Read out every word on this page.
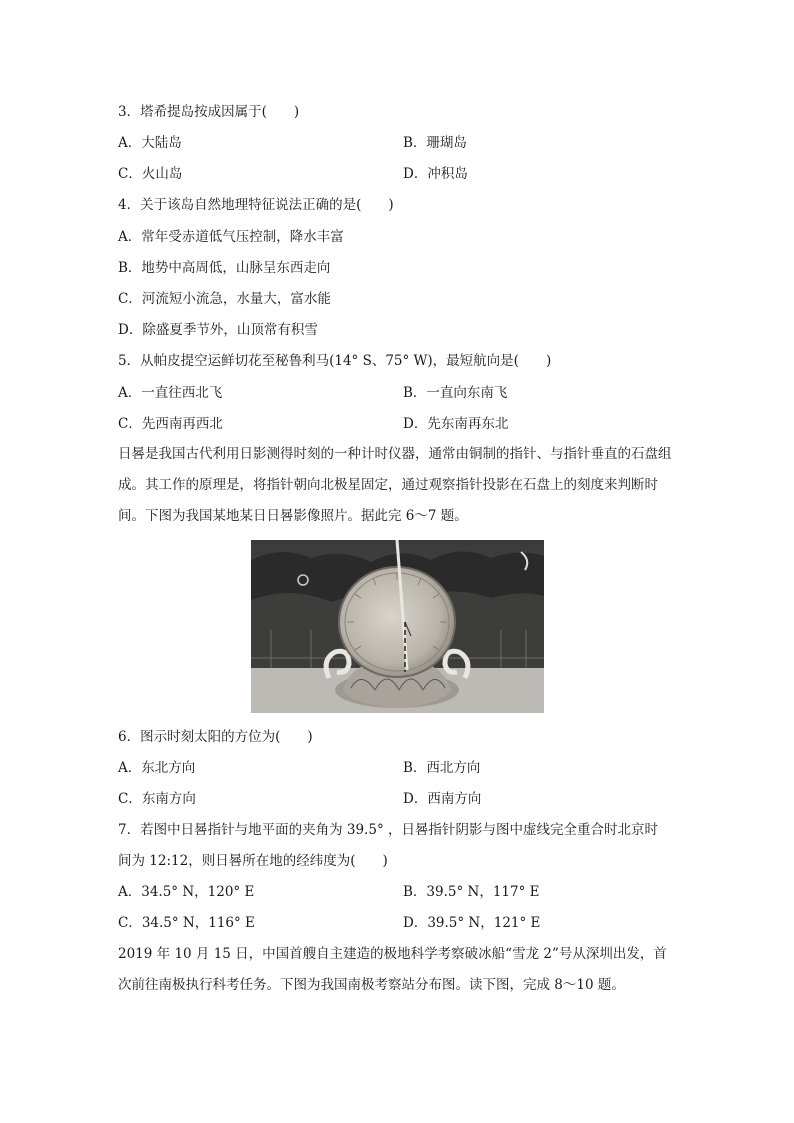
3．塔希提岛按成因属于(　　)
A．大陆岛	B．珊瑚岛
C．火山岛	D．冲积岛
4．关于该岛自然地理特征说法正确的是(　　)
A．常年受赤道低气压控制，降水丰富
B．地势中高周低，山脉呈东西走向
C．河流短小流急，水量大，富水能
D．除盛夏季节外，山顶常有积雪
5．从帕皮提空运鲜切花至秘鲁利马(14° S、75° W)，最短航向是(　　)
A．一直往西北飞	B．一直向东南飞
C．先西南再西北	D．先东南再东北
日晷是我国古代利用日影测得时刻的一种计时仪器，通常由铜制的指针、与指针垂直的石盘组成。其工作的原理是，将指针朝向北极星固定，通过观察指针投影在石盘上的刻度来判断时间。下图为我国某地某日日晷影像照片。据此完 6～7 题。
6．图示时刻太阳的方位为(　　)
A．东北方向	B．西北方向
C．东南方向	D．西南方向
7．若图中日晷指针与地平面的夹角为 39.5° ，日晷指针阴影与图中虚线完全重合时北京时
间为 12:12，则日晷所在地的经纬度为(　　)
A．34.5° N，120° E	B．39.5° N，117° E
C．34.5° N，116° E	D．39.5° N，121° E
2019 年 10 月 15 日，中国首艘自主建造的极地科学考察破冰船“雪龙 2”号从深圳出发，首次前往南极执行科考任务。下图为我国南极考察站分布图。读下图，完成 8～10 题。
